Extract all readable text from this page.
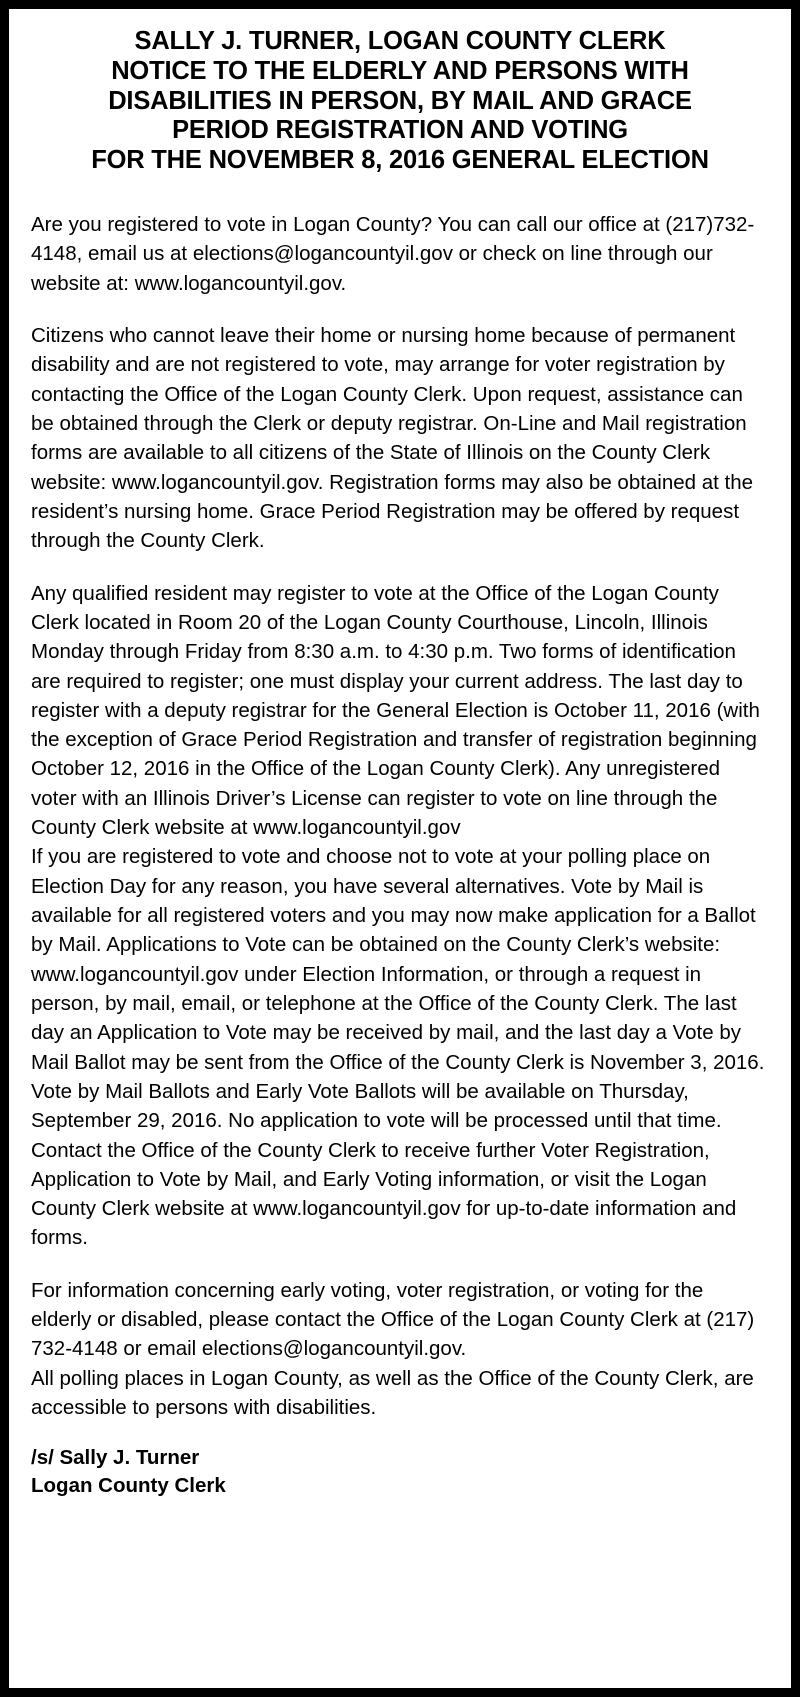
SALLY J. TURNER, LOGAN COUNTY CLERK
NOTICE TO THE ELDERLY AND PERSONS WITH
DISABILITIES IN PERSON, BY MAIL AND GRACE
PERIOD REGISTRATION AND VOTING
FOR THE NOVEMBER 8, 2016 GENERAL ELECTION

Are you registered to vote in Logan County? You can call our office at (217)732-4148, email us at elections@logancountyil.gov or check on line through our website at: www.logancountyil.gov.

Citizens who cannot leave their home or nursing home because of permanent disability and are not registered to vote, may arrange for voter registration by contacting the Office of the Logan County Clerk. Upon request, assistance can be obtained through the Clerk or deputy registrar. On-Line and Mail registration forms are available to all citizens of the State of Illinois on the County Clerk website: www.logancountyil.gov. Registration forms may also be obtained at the resident’s nursing home. Grace Period Registration may be offered by request through the County Clerk.

Any qualified resident may register to vote at the Office of the Logan County Clerk located in Room 20 of the Logan County Courthouse, Lincoln, Illinois Monday through Friday from 8:30 a.m. to 4:30 p.m. Two forms of identification are required to register; one must display your current address. The last day to register with a deputy registrar for the General Election is October 11, 2016 (with the exception of Grace Period Registration and transfer of registration beginning October 12, 2016 in the Office of the Logan County Clerk). Any unregistered voter with an Illinois Driver’s License can register to vote on line through the County Clerk website at www.logancountyil.gov

If you are registered to vote and choose not to vote at your polling place on Election Day for any reason, you have several alternatives. Vote by Mail is available for all registered voters and you may now make application for a Ballot by Mail. Applications to Vote can be obtained on the County Clerk’s website: www.logancountyil.gov under Election Information, or through a request in person, by mail, email, or telephone at the Office of the County Clerk. The last day an Application to Vote may be received by mail, and the last day a Vote by Mail Ballot may be sent from the Office of the County Clerk is November 3, 2016. Vote by Mail Ballots and Early Vote Ballots will be available on Thursday, September 29, 2016. No application to vote will be processed until that time. Contact the Office of the County Clerk to receive further Voter Registration, Application to Vote by Mail, and Early Voting information, or visit the Logan County Clerk website at www.logancountyil.gov for up-to-date information and forms.

For information concerning early voting, voter registration, or voting for the elderly or disabled, please contact the Office of the Logan County Clerk at (217) 732-4148 or email elections@logancountyil.gov.

All polling places in Logan County, as well as the Office of the County Clerk, are accessible to persons with disabilities.

/s/ Sally J. Turner
Logan County Clerk
